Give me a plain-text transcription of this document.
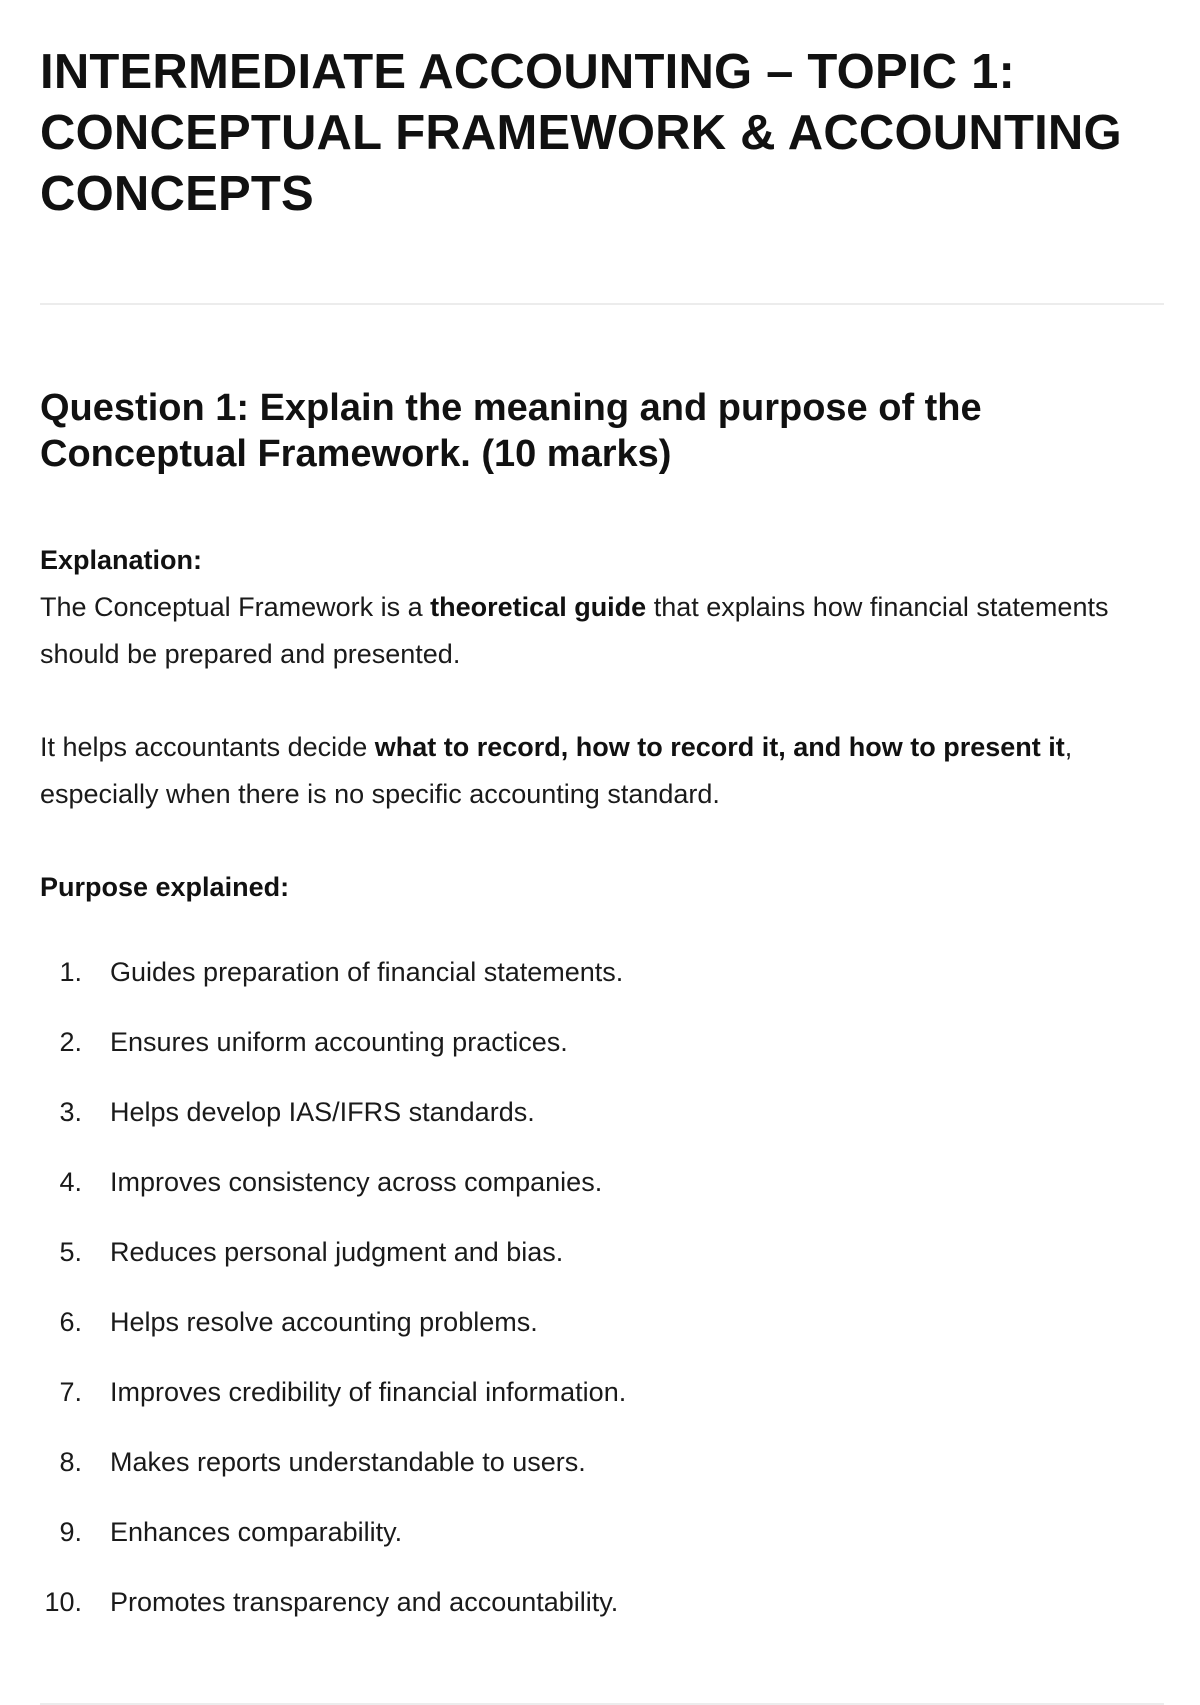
INTERMEDIATE ACCOUNTING – TOPIC 1: CONCEPTUAL FRAMEWORK & ACCOUNTING CONCEPTS
Question 1: Explain the meaning and purpose of the Conceptual Framework. (10 marks)
Explanation:

The Conceptual Framework is a theoretical guide that explains how financial statements should be prepared and presented.

It helps accountants decide what to record, how to record it, and how to present it, especially when there is no specific accounting standard.

Purpose explained:
1. Guides preparation of financial statements.
2. Ensures uniform accounting practices.
3. Helps develop IAS/IFRS standards.
4. Improves consistency across companies.
5. Reduces personal judgment and bias.
6. Helps resolve accounting problems.
7. Improves credibility of financial information.
8. Makes reports understandable to users.
9. Enhances comparability.
10. Promotes transparency and accountability.
